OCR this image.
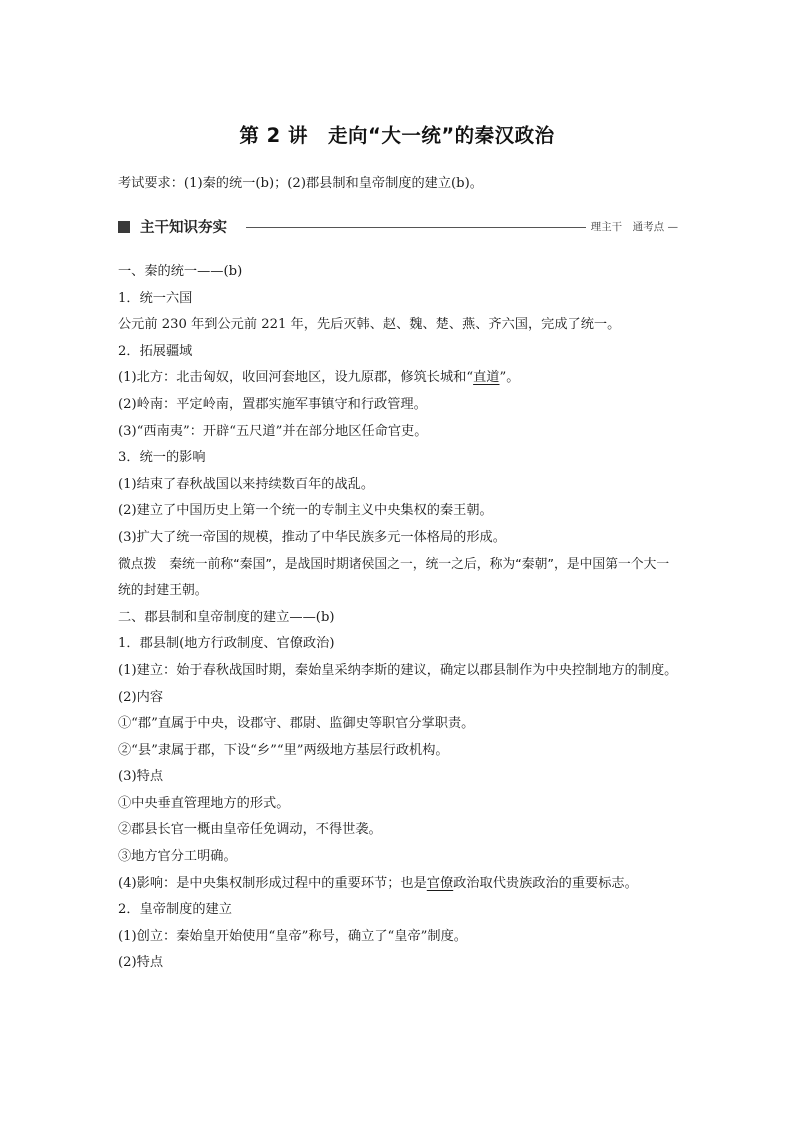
第 2 讲　走向“大一统”的秦汉政治
考试要求：(1)秦的统一(b)；(2)郡县制和皇帝制度的建立(b)。
主干知识夯实	理主干　通考点 —
一、秦的统一——(b)
1．统一六国
公元前 230 年到公元前 221 年，先后灭韩、赵、魏、楚、燕、齐六国，完成了统一。
2．拓展疆域
(1)北方：北击匈奴，收回河套地区，设九原郡，修筑长城和“直道”。
(2)岭南：平定岭南，置郡实施军事镇守和行政管理。
(3)“西南夷”：开辟“五尺道”并在部分地区任命官吏。
3．统一的影响
(1)结束了春秋战国以来持续数百年的战乱。
(2)建立了中国历史上第一个统一的专制主义中央集权的秦王朝。
(3)扩大了统一帝国的规模，推动了中华民族多元一体格局的形成。
微点拨　秦统一前称“秦国”，是战国时期诸侯国之一，统一之后，称为“秦朝”，是中国第一个大一统的封建王朝。
二、郡县制和皇帝制度的建立——(b)
1．郡县制(地方行政制度、官僚政治)
(1)建立：始于春秋战国时期，秦始皇采纳李斯的建议，确定以郡县制作为中央控制地方的制度。
(2)内容
①“郡”直属于中央，设郡守、郡尉、监御史等职官分掌职责。
②“县”隶属于郡，下设“乡”“里”两级地方基层行政机构。
(3)特点
①中央垂直管理地方的形式。
②郡县长官一概由皇帝任免调动，不得世袭。
③地方官分工明确。
(4)影响：是中央集权制形成过程中的重要环节；也是官僚政治取代贵族政治的重要标志。
2．皇帝制度的建立
(1)创立：秦始皇开始使用“皇帝”称号，确立了“皇帝”制度。
(2)特点
